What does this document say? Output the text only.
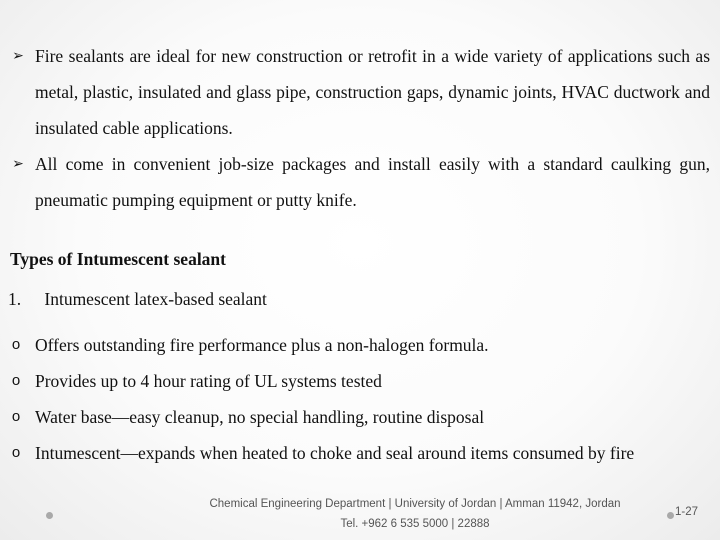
➢ Fire sealants are ideal for new construction or retrofit in a wide variety of applications such as metal, plastic, insulated and glass pipe, construction gaps, dynamic joints, HVAC ductwork and insulated cable applications.
➢ All come in convenient job-size packages and install easily with a standard caulking gun, pneumatic pumping equipment or putty knife.
Types of Intumescent sealant
1. Intumescent latex-based sealant
o Offers outstanding fire performance plus a non-halogen formula.
o Provides up to 4 hour rating of UL systems tested
o Water base—easy cleanup, no special handling, routine disposal
o Intumescent—expands when heated to choke and seal around items consumed by fire
Chemical Engineering Department | University of Jordan | Amman 11942, Jordan
Tel. +962 6 535 5000 | 22888
1-27
